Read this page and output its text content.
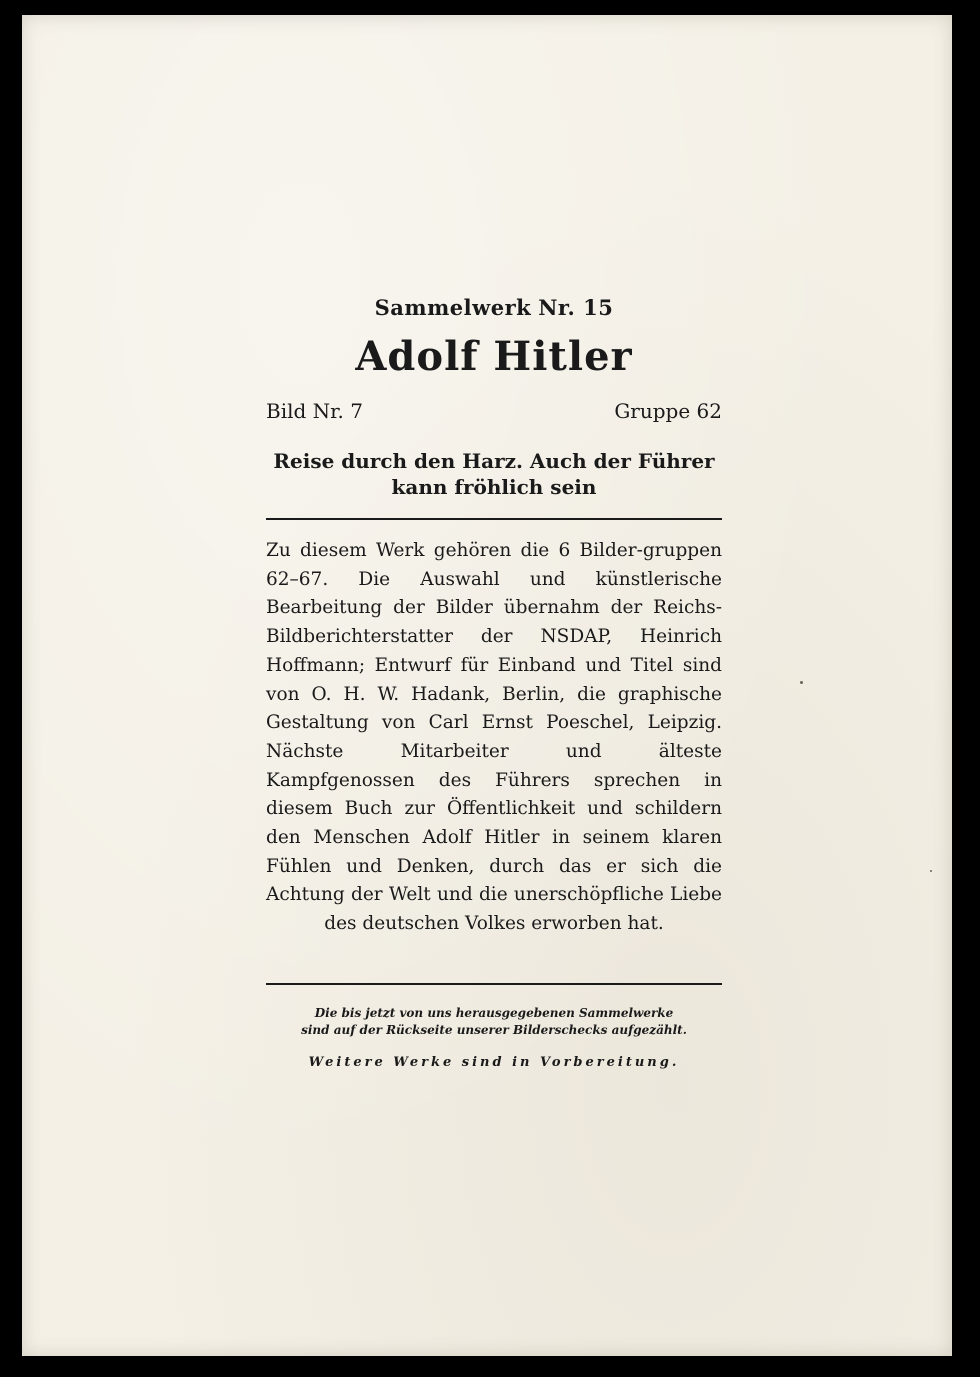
Sammelwerk Nr. 15
Adolf Hitler
Bild Nr. 7	Gruppe 62
Reise durch den Harz. Auch der Führer
kann fröhlich sein
Zu diesem Werk gehören die 6 Bilder-gruppen 62–67. Die Auswahl und künstlerische Bearbeitung der Bilder übernahm der Reichs-Bildberichterstatter der NSDAP, Heinrich Hoffmann; Entwurf für Einband und Titel sind von O. H. W. Hadank, Berlin, die graphische Gestaltung von Carl Ernst Poeschel, Leipzig. Nächste Mitarbeiter und älteste Kampfgenossen des Führers sprechen in diesem Buch zur Öffentlichkeit und schildern den Menschen Adolf Hitler in seinem klaren Fühlen und Denken, durch das er sich die Achtung der Welt und die unerschöpfliche Liebe des deutschen Volkes erworben hat.
Die bis jetzt von uns herausgegebenen Sammelwerke
sind auf der Rückseite unserer Bilderschecks aufgezählt.
Weitere Werke sind in Vorbereitung.
